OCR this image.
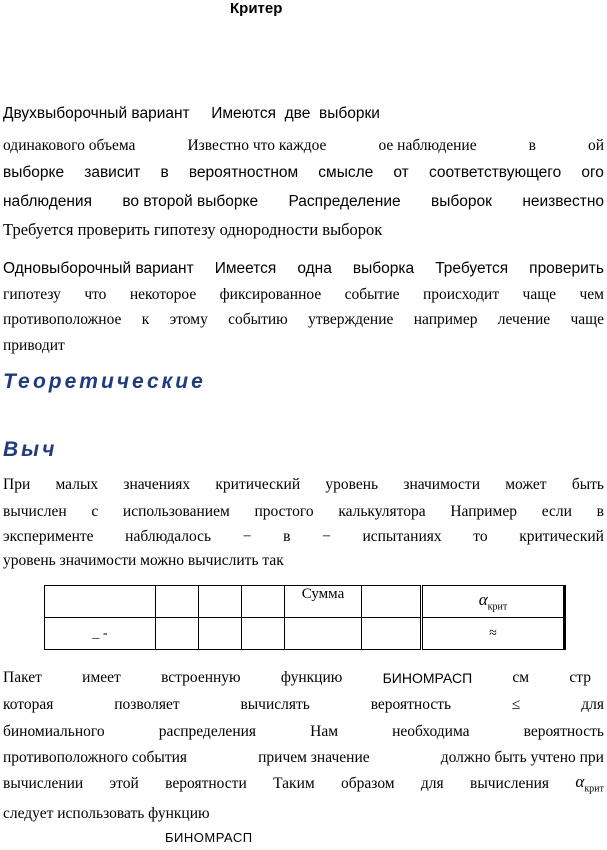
Критер
Двухвыборочный вариант Имеются две выборки
одинакового объема	Известно что каждое	ое наблюдение	в	ой
выборке зависит в вероятностном смысле от соответствующего ого
наблюдения во второй выборке Распределение выборок неизвестно
Требуется проверить гипотезу однородности выборок
Одновыборочный вариант Имеется одна выборка Требуется проверить
гипотезу что некоторое фиксированное событие происходит чаще чем
противоположное к этому событию утверждение например лечение чаще
приводит
Теоретические
Выч
При малых значениях критический уровень значимости может быть
вычислен с использованием простого калькулятора Например если в
эксперименте наблюдалось − в − испытаниях то критический
уровень значимости можно вычислить так
				Сумма		$\alpha_{крит}$
_ -						≈
Пакет	имеет	встроенную	функцию	БИНОМРАСП	см	стр
которая	позволяет	вычислять	вероятность	≤	для
биномиального	распределения	Нам	необходима	вероятность
противоположного события	причем значение	должно быть учтено при
вычислении этой вероятности Таким образом для вычисления $\alpha_{крит}$
следует использовать функцию
БИНОМРАСП
